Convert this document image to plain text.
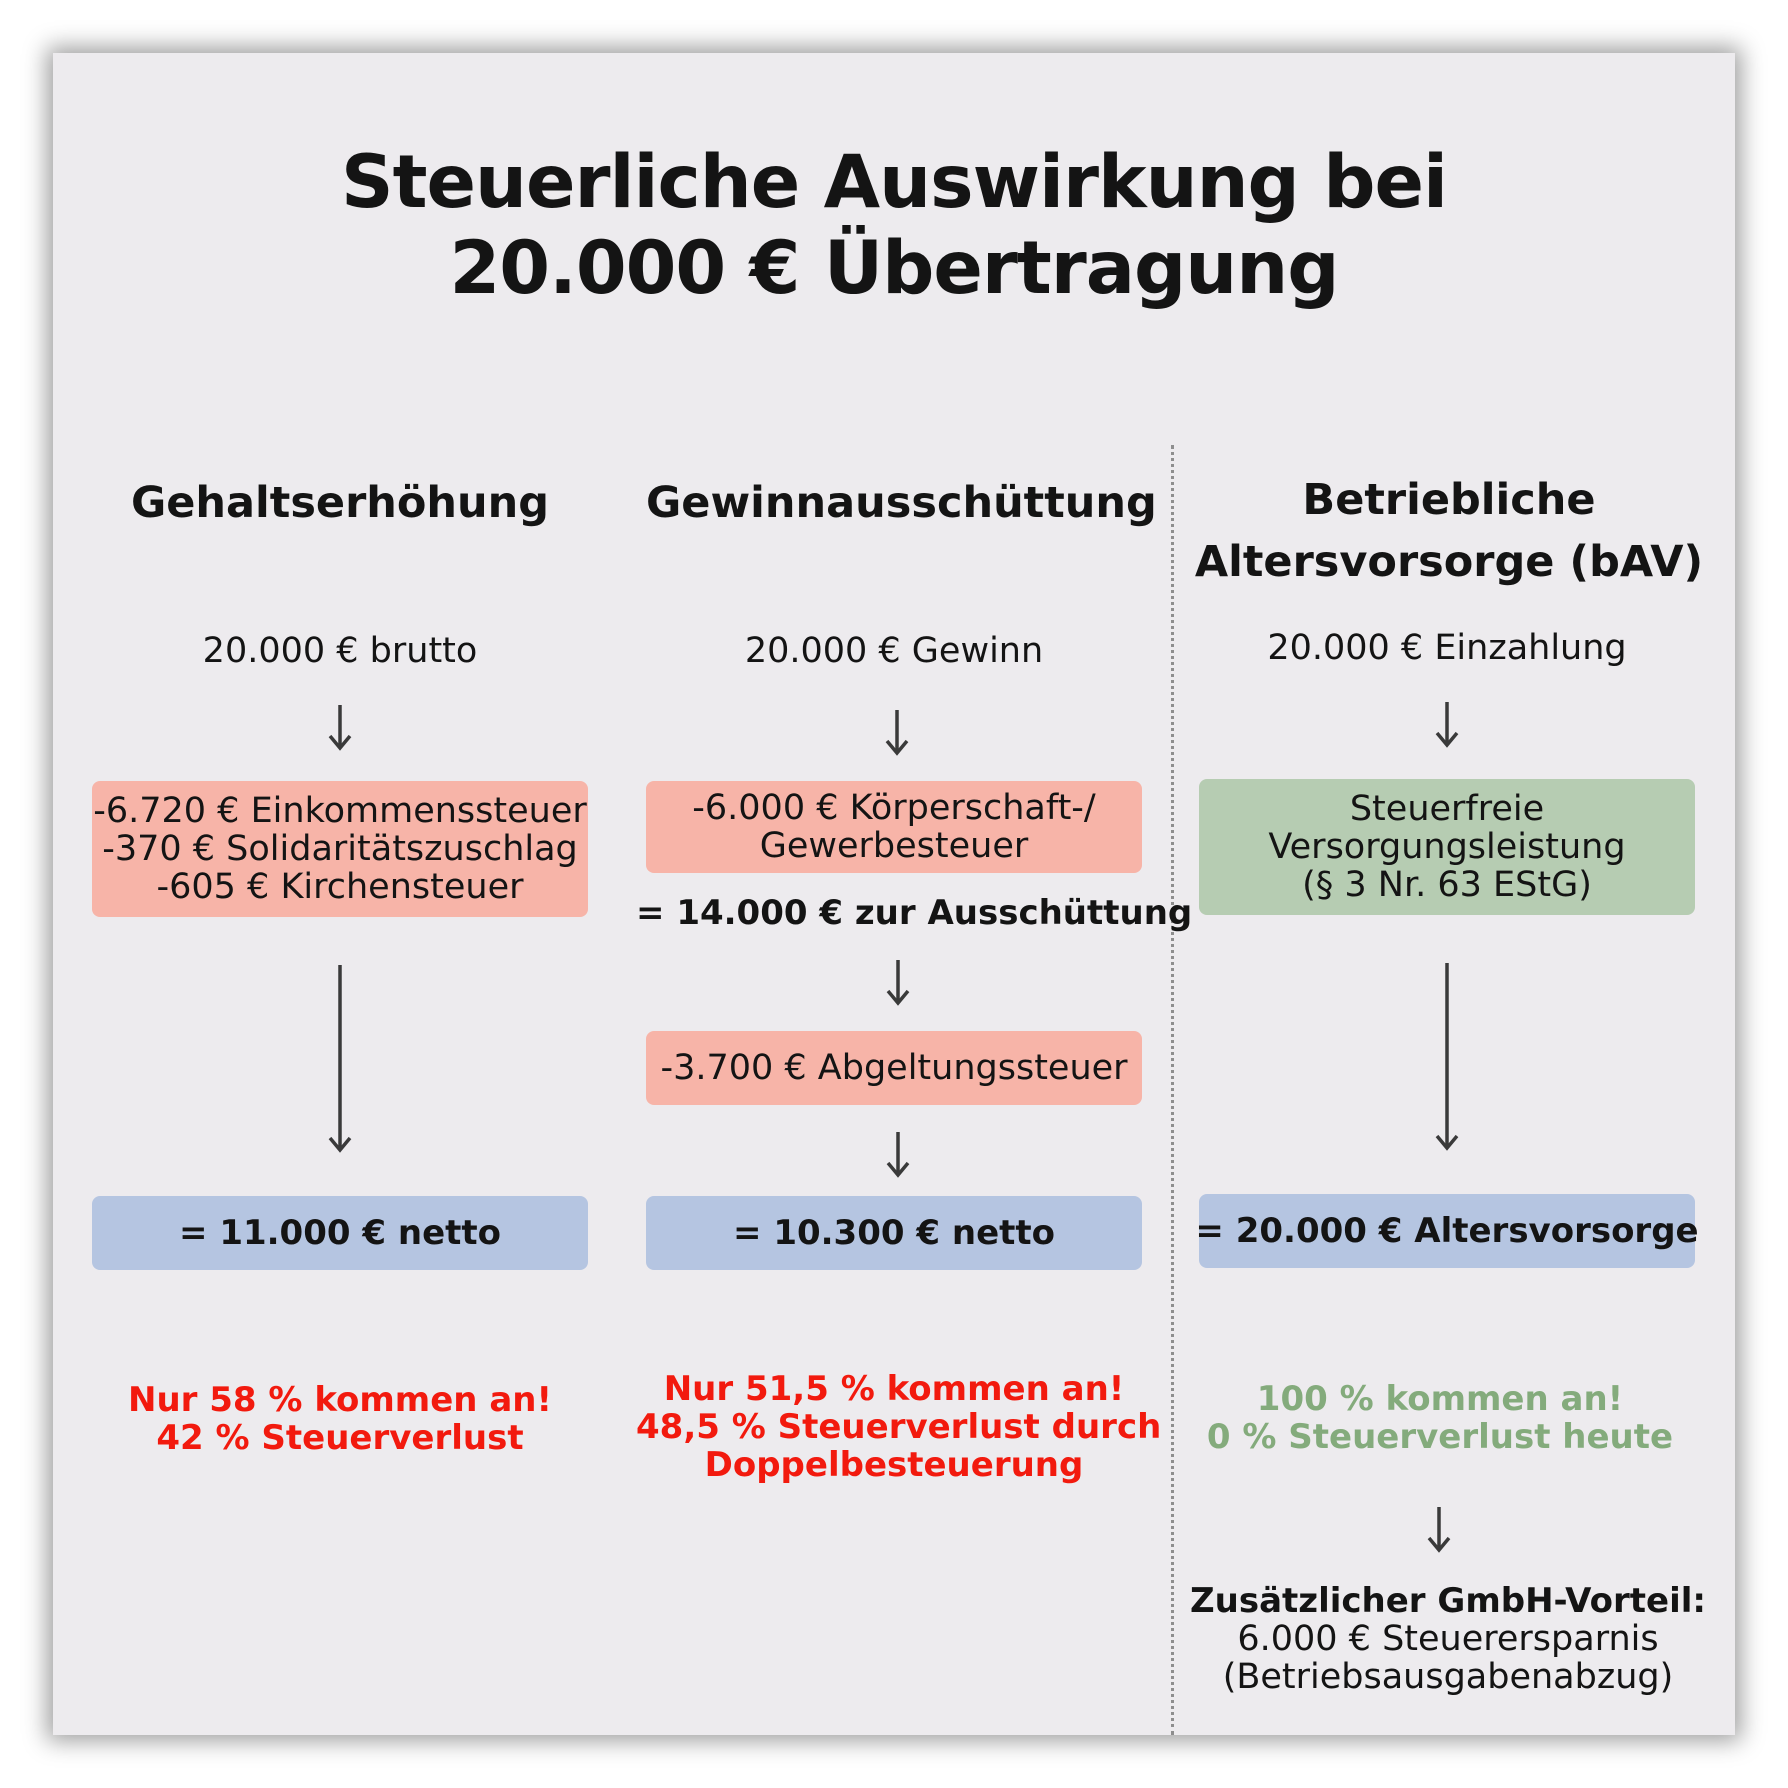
Steuerliche Auswirkung bei
20.000 € Übertragung
Gehaltserhöhung
20.000 € brutto
-6.720 € Einkommenssteuer
-370 € Solidaritätszuschlag
-605 € Kirchensteuer
= 11.000 € netto
Nur 58 % kommen an!
42 % Steuerverlust
Gewinnausschüttung
20.000 € Gewinn
-6.000 € Körperschaft-/
Gewerbesteuer
= 14.000 € zur Ausschüttung
-3.700 € Abgeltungssteuer
= 10.300 € netto
Nur 51,5 % kommen an!
48,5 % Steuerverlust durch
Doppelbesteuerung
Betriebliche
Altersvorsorge (bAV)
20.000 € Einzahlung
Steuerfreie
Versorgungsleistung
(§ 3 Nr. 63 EStG)
= 20.000 € Altersvorsorge
100 % kommen an!
0 % Steuerverlust heute
Zusätzlicher GmbH-Vorteil:
6.000 € Steuerersparnis
(Betriebsausgabenabzug)
